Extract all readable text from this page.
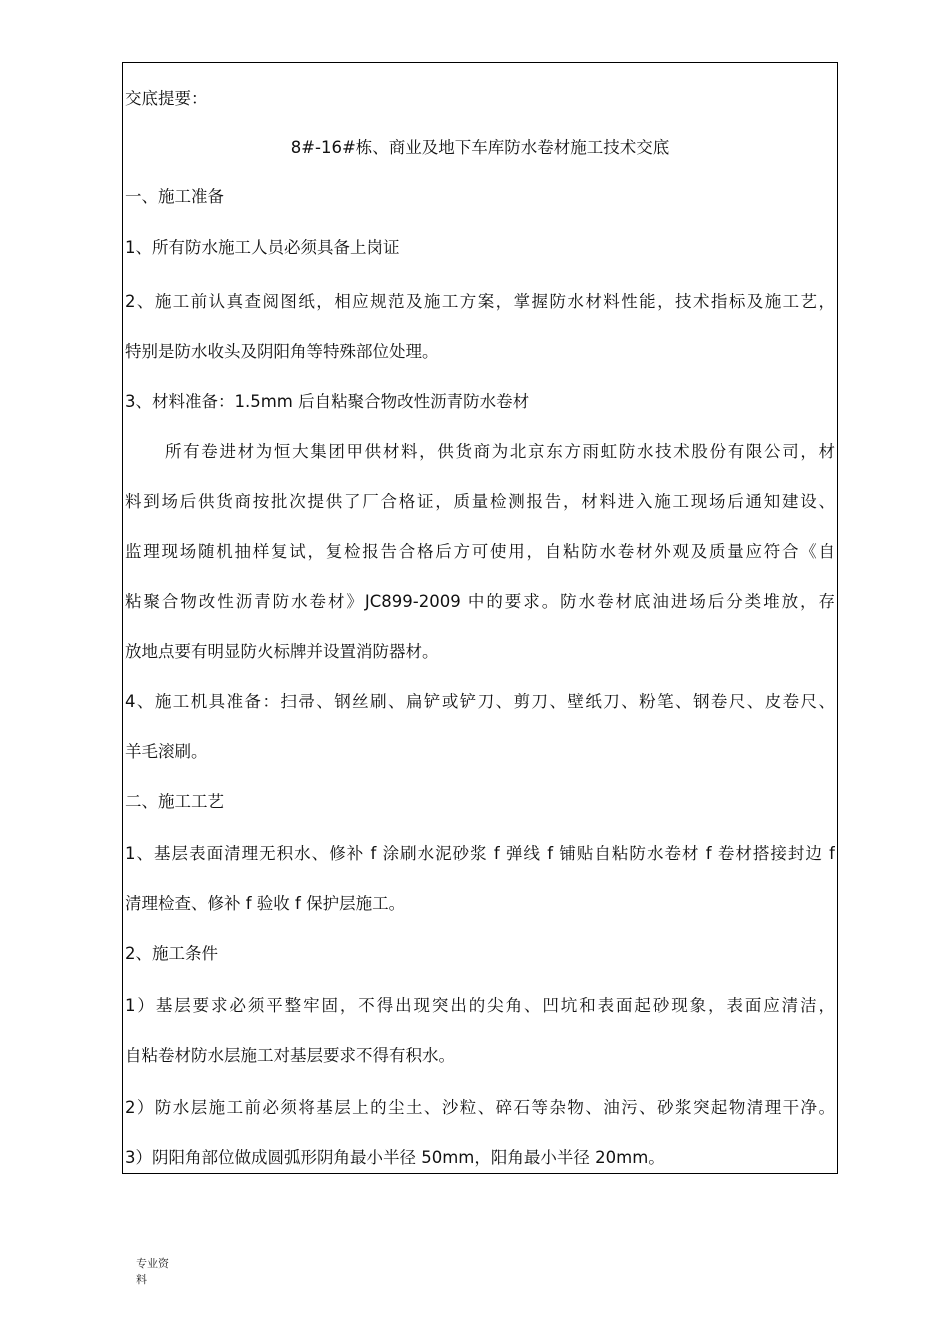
交底提要：
8#-16#栋、商业及地下车库防水卷材施工技术交底
一、施工准备
1、所有防水施工人员必须具备上岗证
2、施工前认真查阅图纸，相应规范及施工方案，掌握防水材料性能，技术指标及施工艺，
特别是防水收头及阴阳角等特殊部位处理。
3、材料准备：1.5mm 后自粘聚合物改性沥青防水卷材
所有卷进材为恒大集团甲供材料，供货商为北京东方雨虹防水技术股份有限公司，材
料到场后供货商按批次提供了厂合格证，质量检测报告，材料进入施工现场后通知建设、
监理现场随机抽样复试，复检报告合格后方可使用，自粘防水卷材外观及质量应符合《自
粘聚合物改性沥青防水卷材》JC899-2009 中的要求。防水卷材底油进场后分类堆放，存
放地点要有明显防火标牌并设置消防器材。
4、施工机具准备：扫帚、钢丝刷、扁铲或铲刀、剪刀、壁纸刀、粉笔、钢卷尺、皮卷尺、
羊毛滚刷。
二、施工工艺
1、基层表面清理无积水、修补 f 涂刷水泥砂浆 f 弹线 f 铺贴自粘防水卷材 f 卷材搭接封边 f
清理检查、修补 f 验收 f 保护层施工。
2、施工条件
1）基层要求必须平整牢固，不得出现突出的尖角、凹坑和表面起砂现象，表面应清洁，
自粘卷材防水层施工对基层要求不得有积水。
2）防水层施工前必须将基层上的尘土、沙粒、碎石等杂物、油污、砂浆突起物清理干净。
3）阴阳角部位做成圆弧形阴角最小半径 50mm，阳角最小半径 20mm。
专业资
料
